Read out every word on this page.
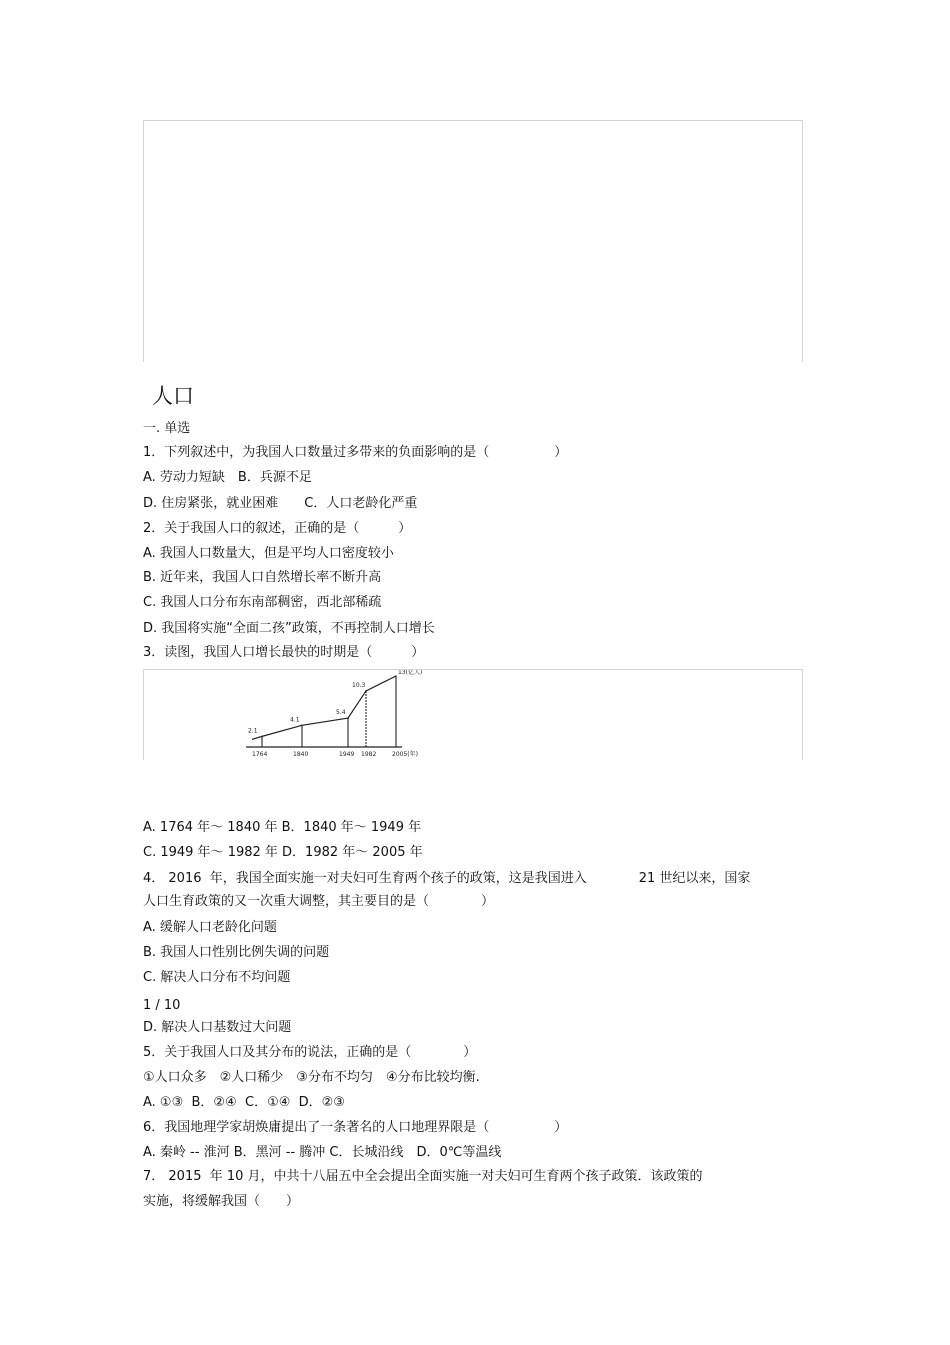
人口
一. 单选
1．下列叙述中，为我国人口数量过多带来的负面影响的是（　　　　　）
A. 劳动力短缺　B．兵源不足
D. 住房紧张，就业困难　　C．人口老龄化严重
2．关于我国人口的叙述，正确的是（　　　）
A. 我国人口数量大，但是平均人口密度较小
B. 近年来，我国人口自然增长率不断升高
C. 我国人口分布东南部稠密，西北部稀疏
D. 我国将实施“全面二孩”政策，不再控制人口增长
3．读图，我国人口增长最快的时期是（　　　）
A. 1764 年～ 1840 年 B．1840 年～ 1949 年
C. 1949 年～ 1982 年 D．1982 年～ 2005 年
4． 2016  年，我国全面实施一对夫妇可生育两个孩子的政策，这是我国进入　　　　21 世纪以来，国家
人口生育政策的又一次重大调整，其主要目的是（　　　　）
A. 缓解人口老龄化问题
B. 我国人口性别比例失调的问题
C. 解决人口分布不均问题
1 / 10
D. 解决人口基数过大问题
5．关于我国人口及其分布的说法，正确的是（　　　　）
①人口众多　②人口稀少　③分布不均匀　④分布比较均衡.
A. ①③  B．②④  C．①④  D．②③
6．我国地理学家胡焕庸提出了一条著名的人口地理界限是（　　　　　）
A. 秦岭 -- 淮河 B．黑河 -- 腾冲 C．长城沿线　D．0℃等温线
7． 2015  年 10 月，中共十八届五中全会提出全面实施一对夫妇可生育两个孩子政策．该政策的
实施，将缓解我国（　　）
2.1
4.1
5.4
10.3
13(亿人)
1764	1840	1949 1982	2005(年)
